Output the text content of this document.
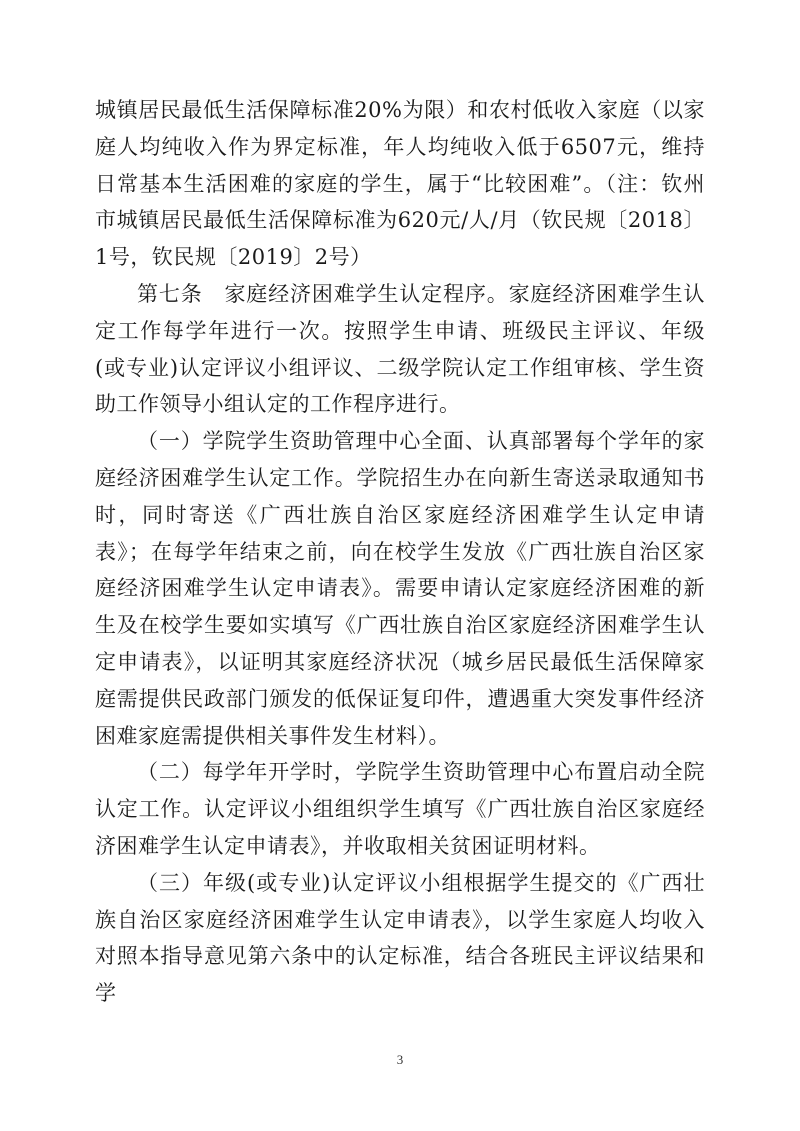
城镇居民最低生活保障标准20%为限）和农村低收入家庭（以家庭人均纯收入作为界定标准，年人均纯收入低于6507元，维持日常基本生活困难的家庭的学生，属于“比较困难”。（注：钦州市城镇居民最低生活保障标准为620元/人/月（钦民规〔2018〕1号，钦民规〔2019〕2号）

第七条　家庭经济困难学生认定程序。家庭经济困难学生认定工作每学年进行一次。按照学生申请、班级民主评议、年级(或专业)认定评议小组评议、二级学院认定工作组审核、学生资助工作领导小组认定的工作程序进行。

（一）学院学生资助管理中心全面、认真部署每个学年的家庭经济困难学生认定工作。学院招生办在向新生寄送录取通知书时，同时寄送《广西壮族自治区家庭经济困难学生认定申请表》；在每学年结束之前，向在校学生发放《广西壮族自治区家庭经济困难学生认定申请表》。需要申请认定家庭经济困难的新生及在校学生要如实填写《广西壮族自治区家庭经济困难学生认定申请表》，以证明其家庭经济状况（城乡居民最低生活保障家庭需提供民政部门颁发的低保证复印件，遭遇重大突发事件经济困难家庭需提供相关事件发生材料）。

（二）每学年开学时，学院学生资助管理中心布置启动全院认定工作。认定评议小组组织学生填写《广西壮族自治区家庭经济困难学生认定申请表》，并收取相关贫困证明材料。

（三）年级(或专业)认定评议小组根据学生提交的《广西壮族自治区家庭经济困难学生认定申请表》，以学生家庭人均收入对照本指导意见第六条中的认定标准，结合各班民主评议结果和学

3
